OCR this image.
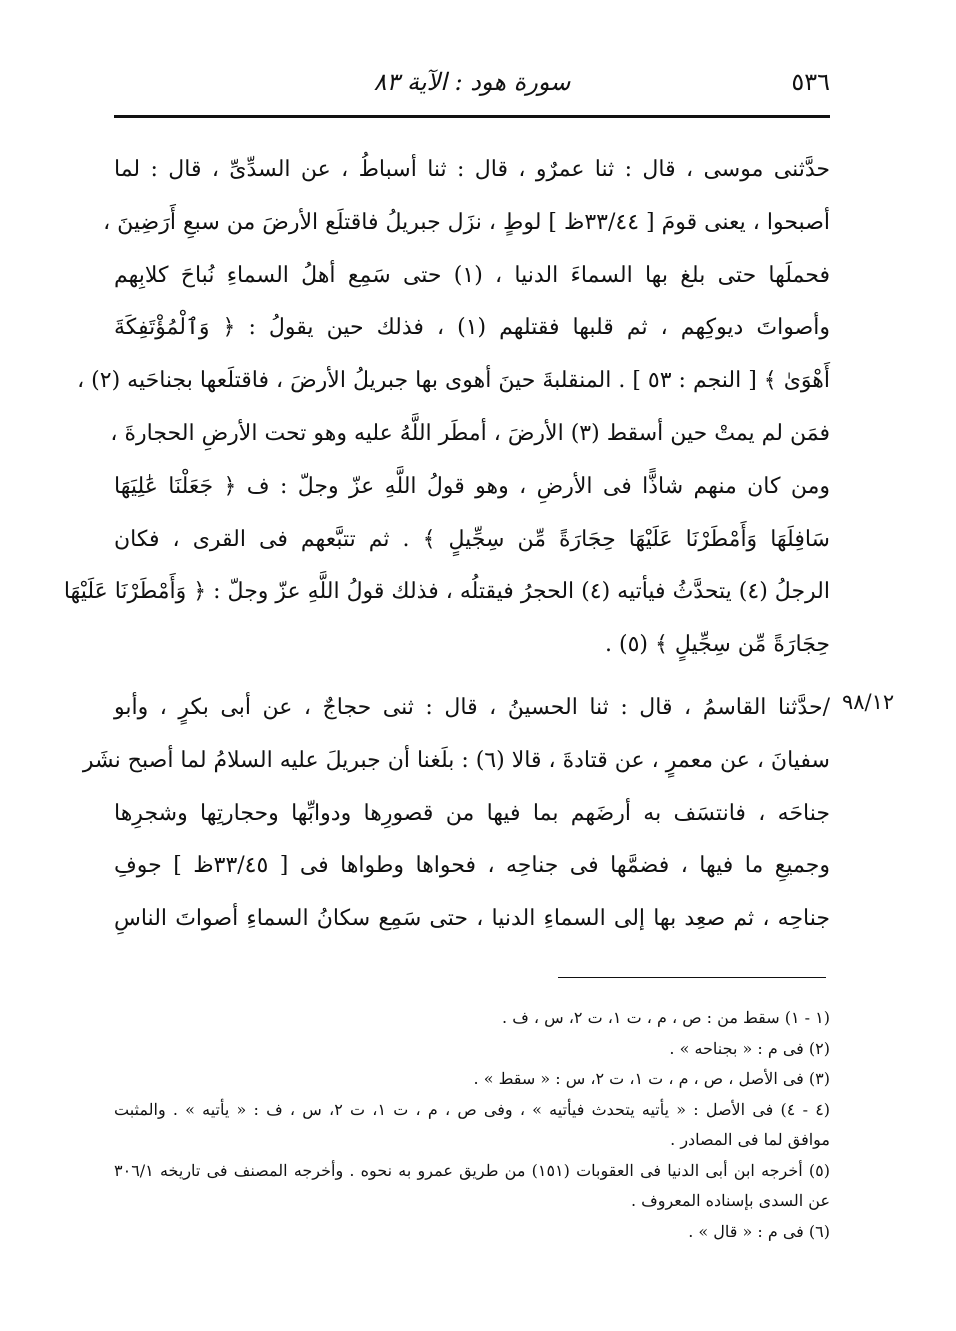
٥٣٦
سورة هود : الآية ٨٣
حدَّثنى موسى ، قال : ثنا عمرٌو ، قال : ثنا أسباطُ ، عن السدِّىِّ ، قال : لما
أصبحوا ، يعنى قومَ [ ٣٣/٤٤ظ ] لوطٍ ، نزَل جبريلُ فاقتلَع الأرضَ من سبعِ أَرَضِينَ ،
فحملَها حتى بلغ بها السماءَ الدنيا ، (١) حتى سَمِع أهلُ السماءِ نُباحَ كلابِهم
وأصواتَ ديوكِهم ، ثم قلبها فقتلهم (١) ، فذلك حين يقولُ : ﴿ وَٱلْمُؤْتَفِكَةَ
أَهْوَىٰ ﴾ [ النجم : ٥٣ ] . المنقلبةَ حينَ أهوى بها جبريلُ الأرضَ ، فاقتلَعها بجناحَيه (٢) ،
فمَن لم يمتْ حين أسقط (٣) الأرضَ ، أمطَر اللَّهُ عليه وهو تحت الأرضِ الحجارةَ ،
ومن كان منهم شاذًّا فى الأرضِ ، وهو قولُ اللَّهِ عزّ وجلّ : ف ﴿ جَعَلْنَا عَٰلِيَهَا
سَافِلَهَا وَأَمْطَرْنَا عَلَيْهَا حِجَارَةً مِّن سِجِّيلٍ ﴾ . ثم تتبَّعهم فى القرى ، فكان
الرجلُ (٤) يتحدَّثُ فيأتيه (٤) الحجرُ فيقتلُه ، فذلك قولُ اللَّهِ عزّ وجلّ : ﴿ وَأَمْطَرْنَا عَلَيْهَا
حِجَارَةً مِّن سِجِّيلٍ ﴾ (٥) .
٩٨/١٢
/حدَّثنا القاسمُ ، قال : ثنا الحسينُ ، قال : ثنى حجاجٌ ، عن أبى بكرٍ ، وأبو
سفيانَ ، عن معمرٍ ، عن قتادةَ ، قالا (٦) : بلَغنا أن جبريلَ عليه السلامُ لما أصبح نشَر
جناحَه ، فانتسَف به أرضَهم بما فيها من قصورِها ودوابِّها وحجارتِها وشجرِها
وجميعِ ما فيها ، فضمَّها فى جناحِه ، فحواها وطواها فى [ ٣٣/٤٥ظ ] جوفِ
جناحِه ، ثم صعِد بها إلى السماءِ الدنيا ، حتى سَمِع سكانُ السماءِ أصواتَ الناسِ
(١ - ١) سقط من : ص ، م ، ت ١، ت ٢، س ، ف .
(٢) فى م : « بجناحه » .
(٣) فى الأصل ، ص ، م ، ت ١، ت ٢، س : « سقط » .
(٤ - ٤) فى الأصل : « يأتيه يتحدث فيأتيه » ، وفى ص ، م ، ت ١، ت ٢، س ، ف : « يأتيه » . والمثبت
موافق لما فى المصادر .
(٥) أخرجه ابن أبى الدنيا فى العقوبات (١٥١) من طريق عمرو به نحوه . وأخرجه المصنف فى تاريخه ٣٠٦/١
عن السدى بإسناده المعروف .
(٦) فى م : « قال » .
